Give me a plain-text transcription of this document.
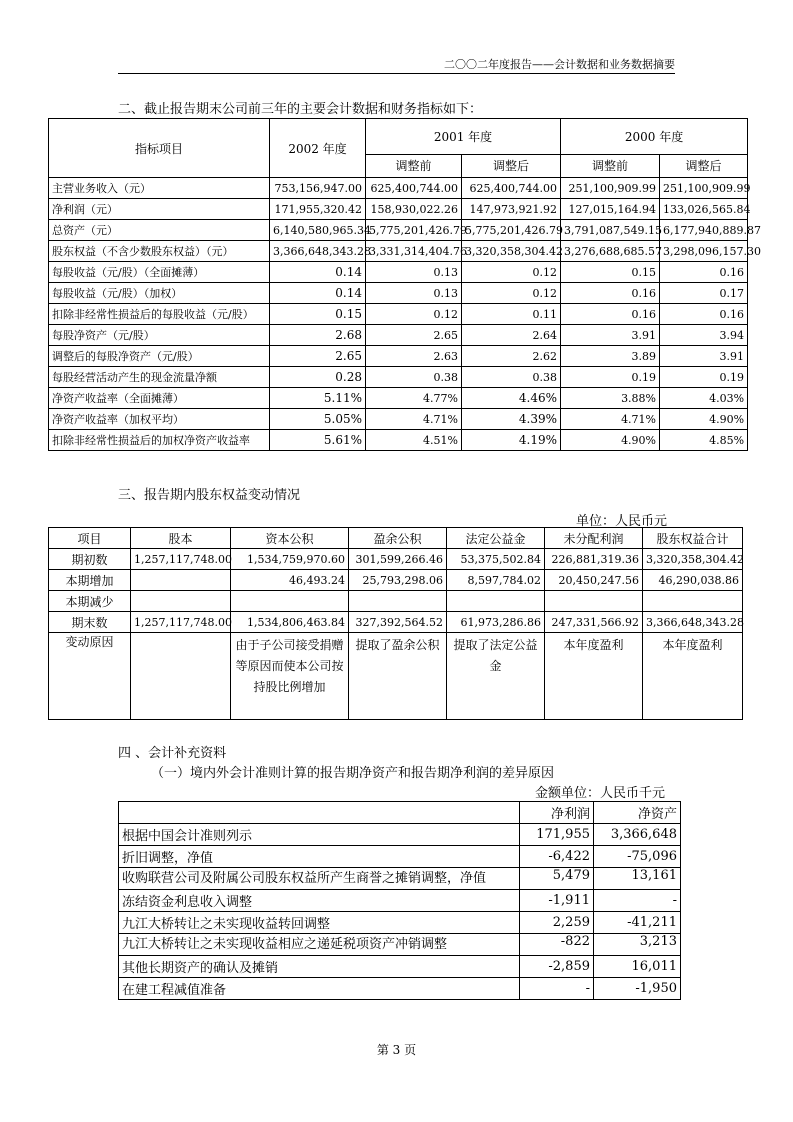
二〇〇二年度报告——会计数据和业务数据摘要
二、截止报告期末公司前三年的主要会计数据和财务指标如下：
指标项目	2002 年度	2001 年度		2000 年度	
		调整前	调整后	调整前	调整后
主营业务收入（元）	753,156,947.00	625,400,744.00	625,400,744.00	251,100,909.99	251,100,909.99
净利润（元）	171,955,320.42	158,930,022.26	147,973,921.92	127,015,164.94	133,026,565.84
总资产（元）	6,140,580,965.34	5,775,201,426.79	5,775,201,426.79	3,791,087,549.15	6,177,940,889.87
股东权益（不含少数股东权益）（元）	3,366,648,343.28	3,331,314,404.76	3,320,358,304.42	3,276,688,685.57	3,298,096,157.30
每股收益（元/股）（全面摊薄）	0.14	0.13	0.12	0.15	0.16
每股收益（元/股）（加权）	0.14	0.13	0.12	0.16	0.17
扣除非经常性损益后的每股收益（元/股）	0.15	0.12	0.11	0.16	0.16
每股净资产（元/股）	2.68	2.65	2.64	3.91	3.94
调整后的每股净资产（元/股）	2.65	2.63	2.62	3.89	3.91
每股经营活动产生的现金流量净额	0.28	0.38	0.38	0.19	0.19
净资产收益率（全面摊薄）	5.11%	4.77%	4.46%	3.88%	4.03%
净资产收益率（加权平均）	5.05%	4.71%	4.39%	4.71%	4.90%
扣除非经常性损益后的加权净资产收益率	5.61%	4.51%	4.19%	4.90%	4.85%
三、报告期内股东权益变动情况
单位：人民币元
项目	股本	资本公积	盈余公积	法定公益金	未分配利润	股东权益合计
期初数	1,257,117,748.00	1,534,759,970.60	301,599,266.46	53,375,502.84	226,881,319.36	3,320,358,304.42
本期增加		46,493.24	25,793,298.06	8,597,784.02	20,450,247.56	46,290,038.86
本期减少						
期末数	1,257,117,748.00	1,534,806,463.84	327,392,564.52	61,973,286.86	247,331,566.92	3,366,648,343.28
变动原因		由于子公司接受捐赠等原因而使本公司按持股比例增加	提取了盈余公积	提取了法定公益金	本年度盈利	本年度盈利
四 、会计补充资料
（一）境内外会计准则计算的报告期净资产和报告期净利润的差异原因
金额单位：人民币千元
	净利润	净资产
根据中国会计准则列示	171,955	3,366,648
折旧调整，净值	-6,422	-75,096
收购联营公司及附属公司股东权益所产生商誉之摊销调整，净值	5,479	13,161
冻结资金利息收入调整	-1,911	-
九江大桥转让之未实现收益转回调整	2,259	-41,211
九江大桥转让之未实现收益相应之递延税项资产冲销调整	-822	3,213
其他长期资产的确认及摊销	-2,859	16,011
在建工程减值准备	-	-1,950
第 3 页
